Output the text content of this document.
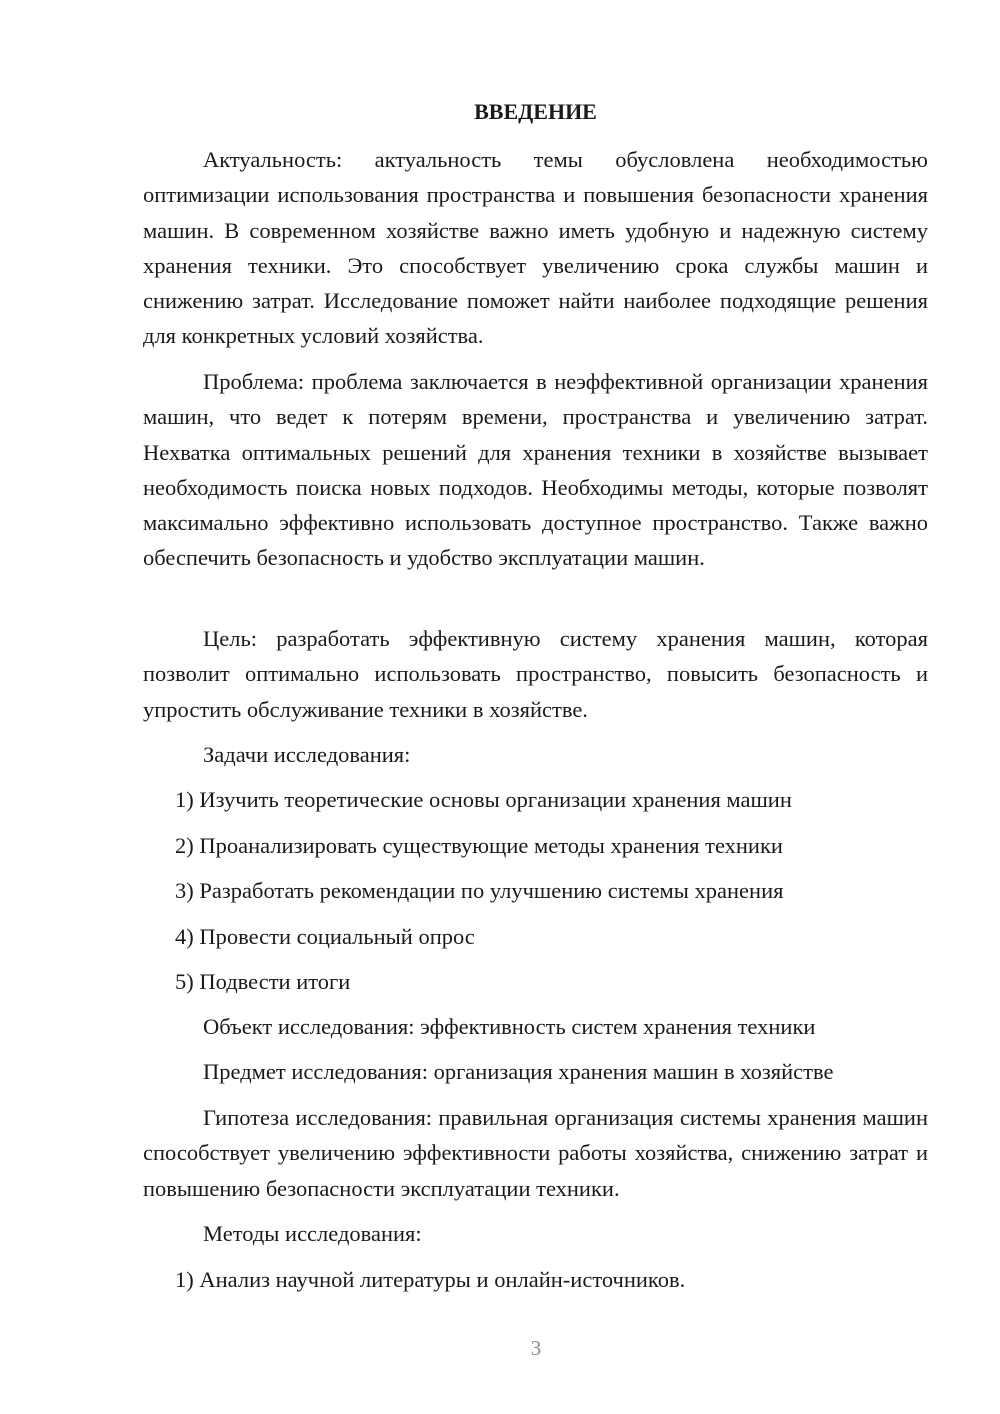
ВВЕДЕНИЕ

Актуальность: актуальность темы обусловлена необходимостью оптимизации использования пространства и повышения безопасности хранения машин. В современном хозяйстве важно иметь удобную и надежную систему хранения техники. Это способствует увеличению срока службы машин и снижению затрат. Исследование поможет найти наиболее подходящие решения для конкретных условий хозяйства.

Проблема: проблема заключается в неэффективной организации хранения машин, что ведет к потерям времени, пространства и увеличению затрат. Нехватка оптимальных решений для хранения техники в хозяйстве вызывает необходимость поиска новых подходов. Необходимы методы, которые позволят максимально эффективно использовать доступное пространство. Также важно обеспечить безопасность и удобство эксплуатации машин.

Цель: разработать эффективную систему хранения машин, которая позволит оптимально использовать пространство, повысить безопасность и упростить обслуживание техники в хозяйстве.

Задачи исследования:

1) Изучить теоретические основы организации хранения машин

2) Проанализировать существующие методы хранения техники

3) Разработать рекомендации по улучшению системы хранения

4) Провести социальный опрос

5) Подвести итоги

Объект исследования: эффективность систем хранения техники

Предмет исследования: организация хранения машин в хозяйстве

Гипотеза исследования: правильная организация системы хранения машин способствует увеличению эффективности работы хозяйства, снижению затрат и повышению безопасности эксплуатации техники.

Методы исследования:

1) Анализ научной литературы и онлайн-источников.

3
